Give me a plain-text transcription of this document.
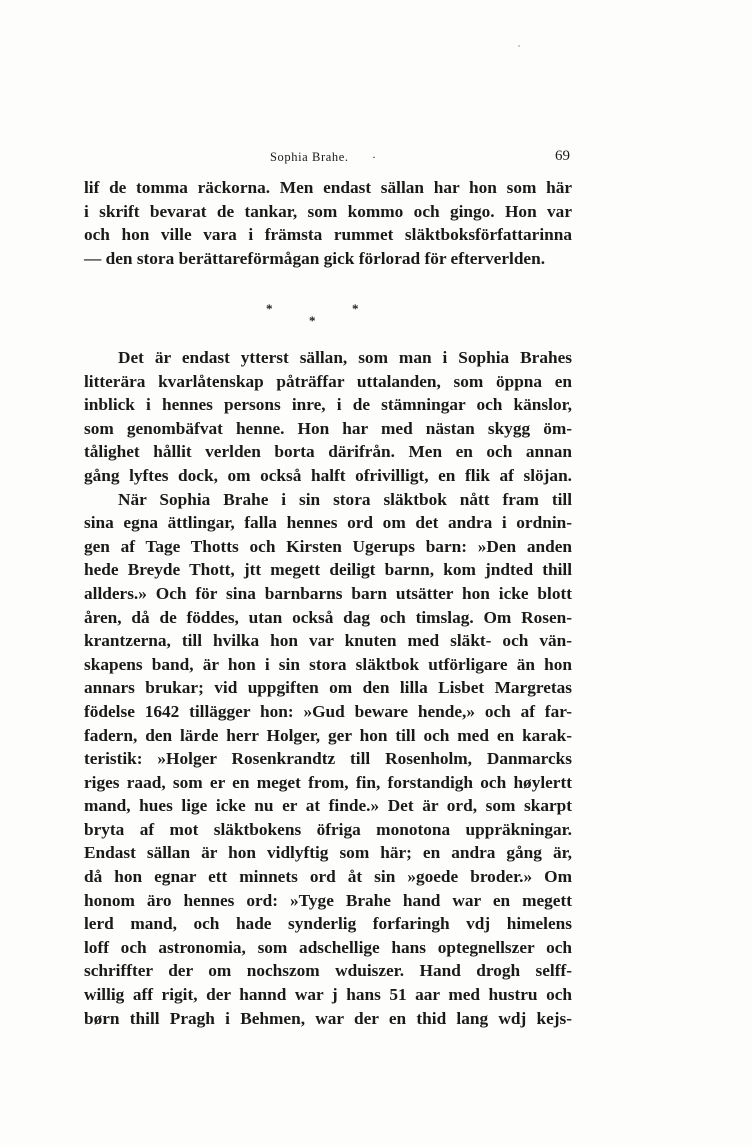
Sophia Brahe. ·	69
lif de tomma räckorna. Men endast sällan har hon som här
i skrift bevarat de tankar, som kommo och gingo. Hon var
och hon ville vara i främsta rummet släktboksförfattarinna
— den stora berättareförmågan gick förlorad för efterverlden.
*	*
*
Det är endast ytterst sällan, som man i Sophia Brahes
litterära kvarlåtenskap påträffar uttalanden, som öppna en
inblick i hennes persons inre, i de stämningar och känslor,
som genombäfvat henne. Hon har med nästan skygg öm-
tålighet hållit verlden borta därifrån. Men en och annan
gång lyftes dock, om också halft ofrivilligt, en flik af slöjan.
När Sophia Brahe i sin stora släktbok nått fram till
sina egna ättlingar, falla hennes ord om det andra i ordnin-
gen af Tage Thotts och Kirsten Ugerups barn: »Den anden
hede Breyde Thott, jtt megett deiligt barnn, kom jndted thill
allders.» Och för sina barnbarns barn utsätter hon icke blott
åren, då de föddes, utan också dag och timslag. Om Rosen-
krantzerna, till hvilka hon var knuten med släkt- och vän-
skapens band, är hon i sin stora släktbok utförligare än hon
annars brukar; vid uppgiften om den lilla Lisbet Margretas
födelse 1642 tillägger hon: »Gud beware hende,» och af far-
fadern, den lärde herr Holger, ger hon till och med en karak-
teristik: »Holger Rosenkrandtz till Rosenholm, Danmarcks
riges raad, som er en meget from, fin, forstandigh och høylertt
mand, hues lige icke nu er at finde.» Det är ord, som skarpt
bryta af mot släktbokens öfriga monotona uppräkningar.
Endast sällan är hon vidlyftig som här; en andra gång är,
då hon egnar ett minnets ord åt sin »goede broder.» Om
honom äro hennes ord: »Tyge Brahe hand war en megett
lerd mand, och hade synderlig forfaringh vdj himelens
loff och astronomia, som adschellige hans optegnellszer och
schriffter der om nochszom wduiszer. Hand drogh selff-
willig aff rigit, der hannd war j hans 51 aar med hustru och
børn thill Pragh i Behmen, war der en thid lang wdj kejs-
